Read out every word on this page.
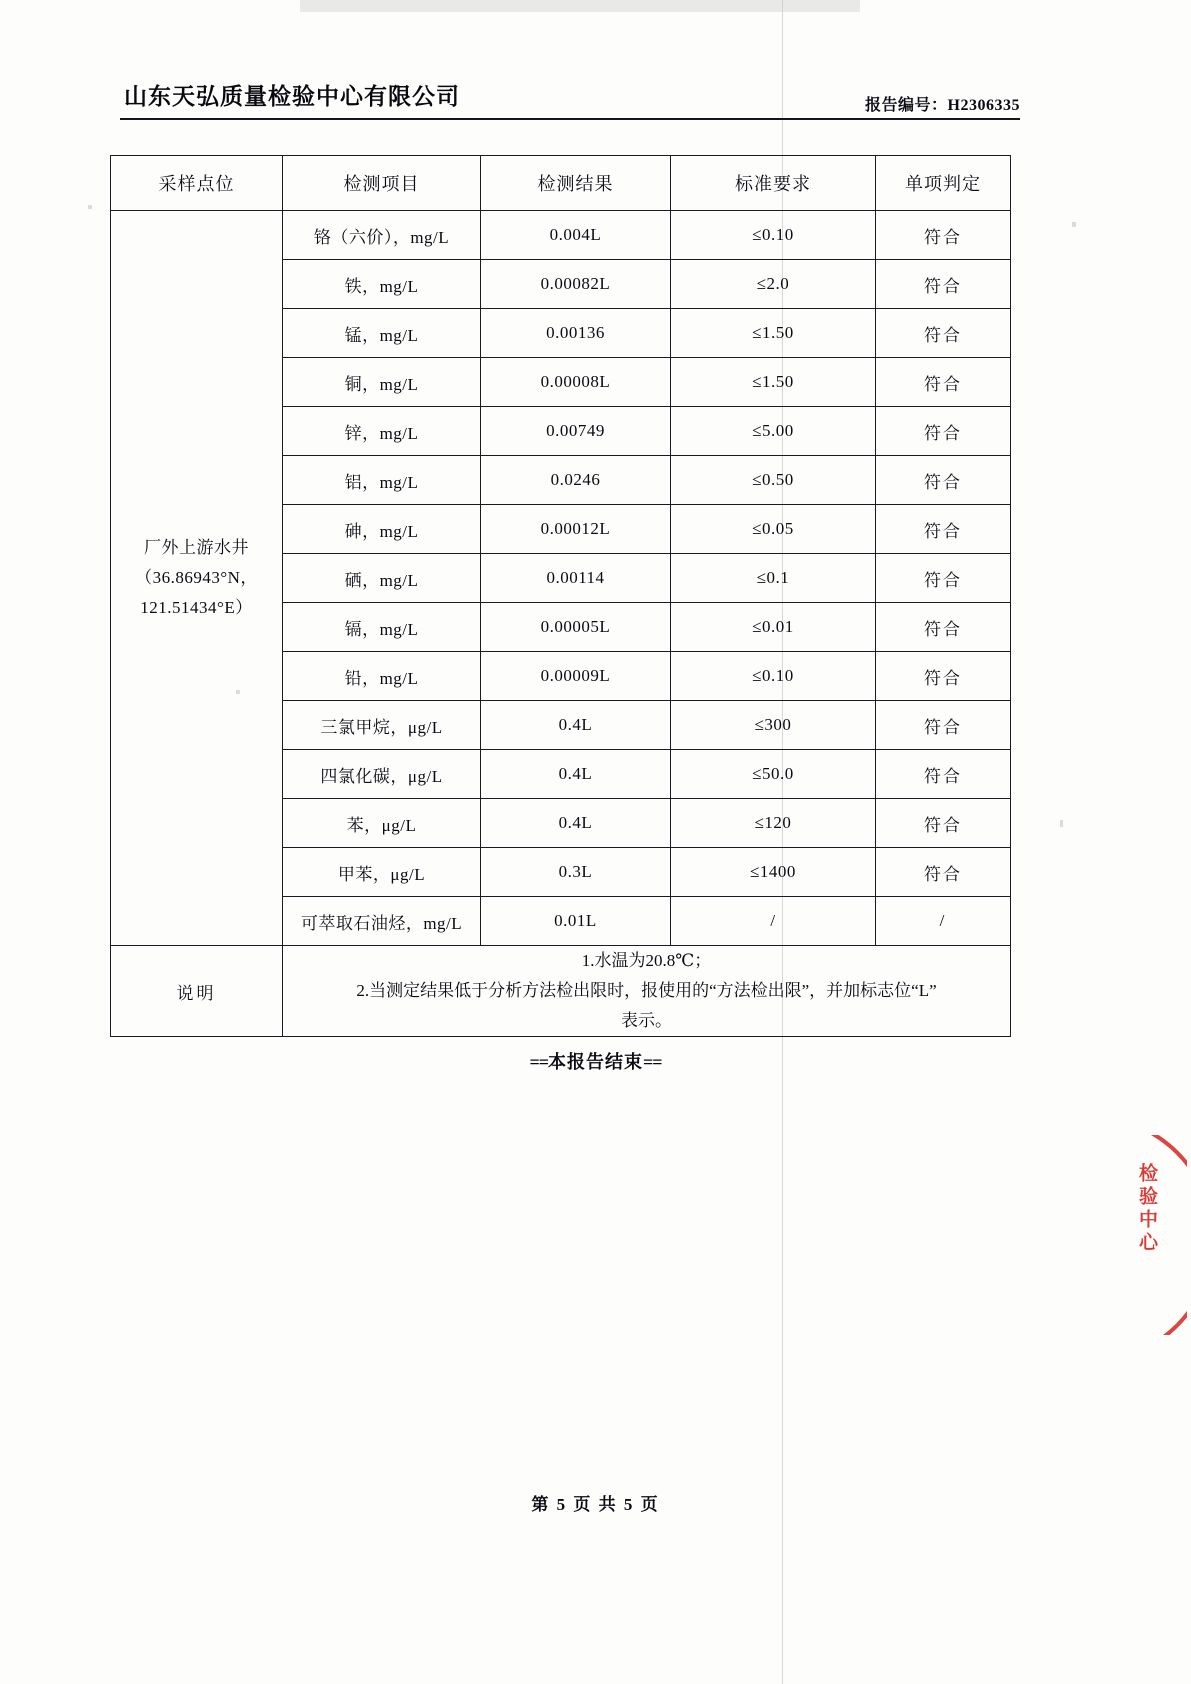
山东天弘质量检验中心有限公司	报告编号：H2306335
采样点位	检测项目	检测结果	标准要求	单项判定

厂外上游水井
（36.86943°N，
121.51434°E）	铬（六价），mg/L	0.004L	≤0.10	符合
	铁，mg/L	0.00082L	≤2.0	符合
	锰，mg/L	0.00136	≤1.50	符合
	铜，mg/L	0.00008L	≤1.50	符合
	锌，mg/L	0.00749	≤5.00	符合
	铝，mg/L	0.0246	≤0.50	符合
	砷，mg/L	0.00012L	≤0.05	符合
	硒，mg/L	0.00114	≤0.1	符合
	镉，mg/L	0.00005L	≤0.01	符合
	铅，mg/L	0.00009L	≤0.10	符合
	三氯甲烷，μg/L	0.4L	≤300	符合
	四氯化碳，μg/L	0.4L	≤50.0	符合
	苯，μg/L	0.4L	≤120	符合
	甲苯，μg/L	0.3L	≤1400	符合
	可萃取石油烃，mg/L	0.01L	/	/
说明	1.水温为20.8℃；
2.当测定结果低于分析方法检出限时，报使用的“方法检出限”，并加标志位“L”
表示。			
==本报告结束==
检验中心
第 5 页 共 5 页
